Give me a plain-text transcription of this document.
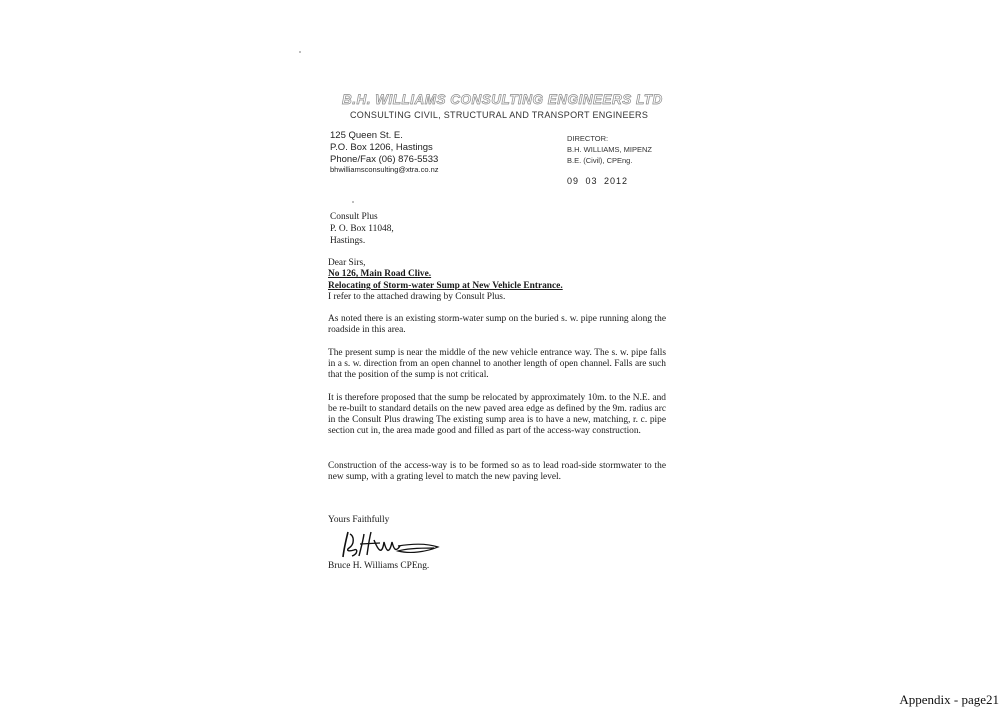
B.H. WILLIAMS CONSULTING ENGINEERS LTD
CONSULTING CIVIL, STRUCTURAL AND TRANSPORT ENGINEERS
125 Queen St. E.
P.O. Box 1206, Hastings
Phone/Fax (06) 876-5533
bhwilliamsconsulting@xtra.co.nz
DIRECTOR:
B.H. WILLIAMS, MIPENZ
B.E. (Civil), CPEng.
09 03 2012
Consult Plus
P. O. Box 11048,
Hastings.
Dear Sirs,
No 126, Main Road Clive.
Relocating of Storm-water Sump at New Vehicle Entrance.
I refer to the attached drawing by Consult Plus.
As noted there is an existing storm-water sump on the buried s. w. pipe running along the roadside in this area.
The present sump is near the middle of the new vehicle entrance way. The s. w. pipe falls in a s. w. direction from an open channel to another length of open channel. Falls are such that the position of the sump is not critical.
It is therefore proposed that the sump be relocated by approximately 10m. to the N.E. and be re-built to standard details on the new paved area edge as defined by the 9m. radius arc in the Consult Plus drawing The existing sump area is to have a new, matching, r. c. pipe section cut in, the area made good and filled as part of the access-way construction.
Construction of the access-way is to be formed so as to lead road-side stormwater to the new sump, with a grating level to match the new paving level.
Yours Faithfully
Bruce H. Williams CPEng.
Appendix - page21
